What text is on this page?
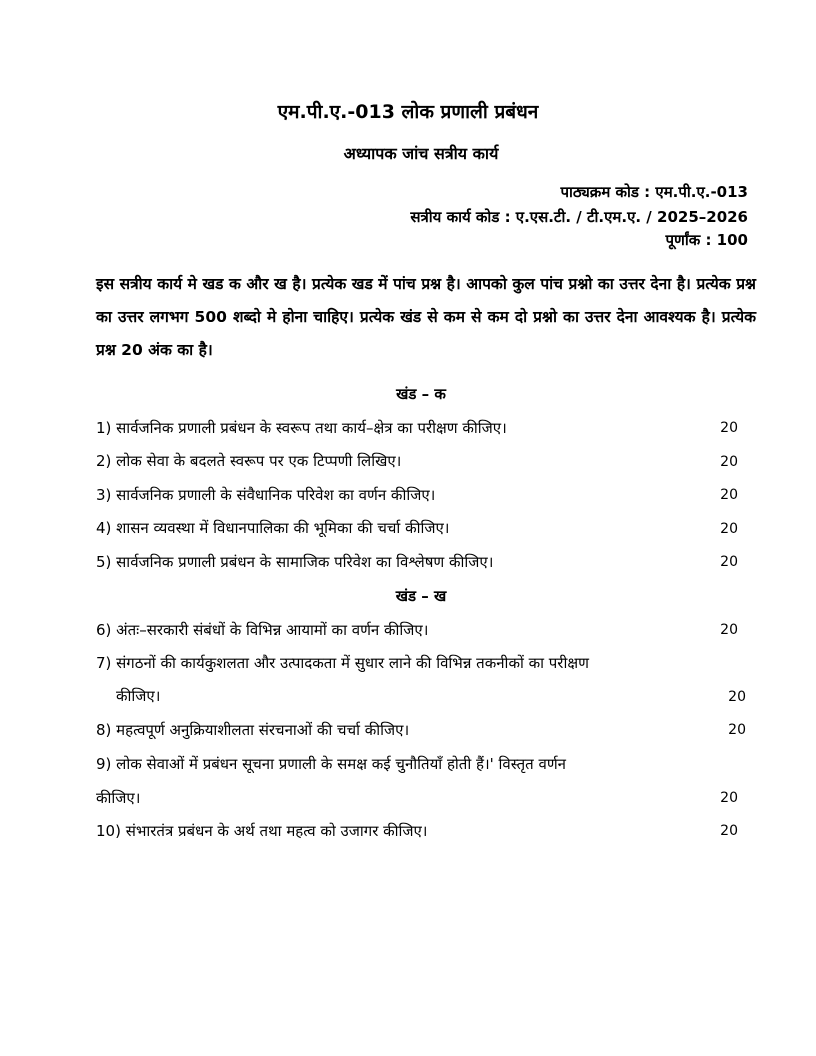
एम.पी.ए.-013 लोक प्रणाली प्रबंधन
अध्यापक जांच सत्रीय कार्य
पाठ्यक्रम कोड : एम.पी.ए.-013
सत्रीय कार्य कोड : ए.एस.टी. / टी.एम.ए. / 2025–2026
पूर्णांक : 100
इस सत्रीय कार्य मे खड क और ख है। प्रत्येक खड में पांच प्रश्न है। आपको कुल पांच प्रश्नो का उत्तर देना है। प्रत्येक प्रश्न का उत्तर लगभग 500 शब्दो मे होना चाहिए। प्रत्येक खंड से कम से कम दो प्रश्नो का उत्तर देना आवश्यक है। प्रत्येक प्रश्न 20 अंक का है।
खंड – क
1) सार्वजनिक प्रणाली प्रबंधन के स्वरूप तथा कार्य–क्षेत्र का परीक्षण कीजिए।	20
2) लोक सेवा के बदलते स्वरूप पर एक टिप्पणी लिखिए।	20
3) सार्वजनिक प्रणाली के संवैधानिक परिवेश का वर्णन कीजिए।	20
4) शासन व्यवस्था में विधानपालिका की भूमिका की चर्चा कीजिए।	20
5) सार्वजनिक प्रणाली प्रबंधन के सामाजिक परिवेश का विश्लेषण कीजिए।	20
खंड – ख
6) अंतः–सरकारी संबंधों के विभिन्न आयामों का वर्णन कीजिए।	20
7) संगठनों की कार्यकुशलता और उत्पादकता में सुधार लाने की विभिन्न तकनीकों का परीक्षण
कीजिए।	20
8) महत्वपूर्ण अनुक्रियाशीलता संरचनाओं की चर्चा कीजिए।	20
9) लोक सेवाओं में प्रबंधन सूचना प्रणाली के समक्ष कई चुनौतियाँ होती हैं।' विस्तृत वर्णन
कीजिए।	20
10) संभारतंत्र प्रबंधन के अर्थ तथा महत्व को उजागर कीजिए।	20
